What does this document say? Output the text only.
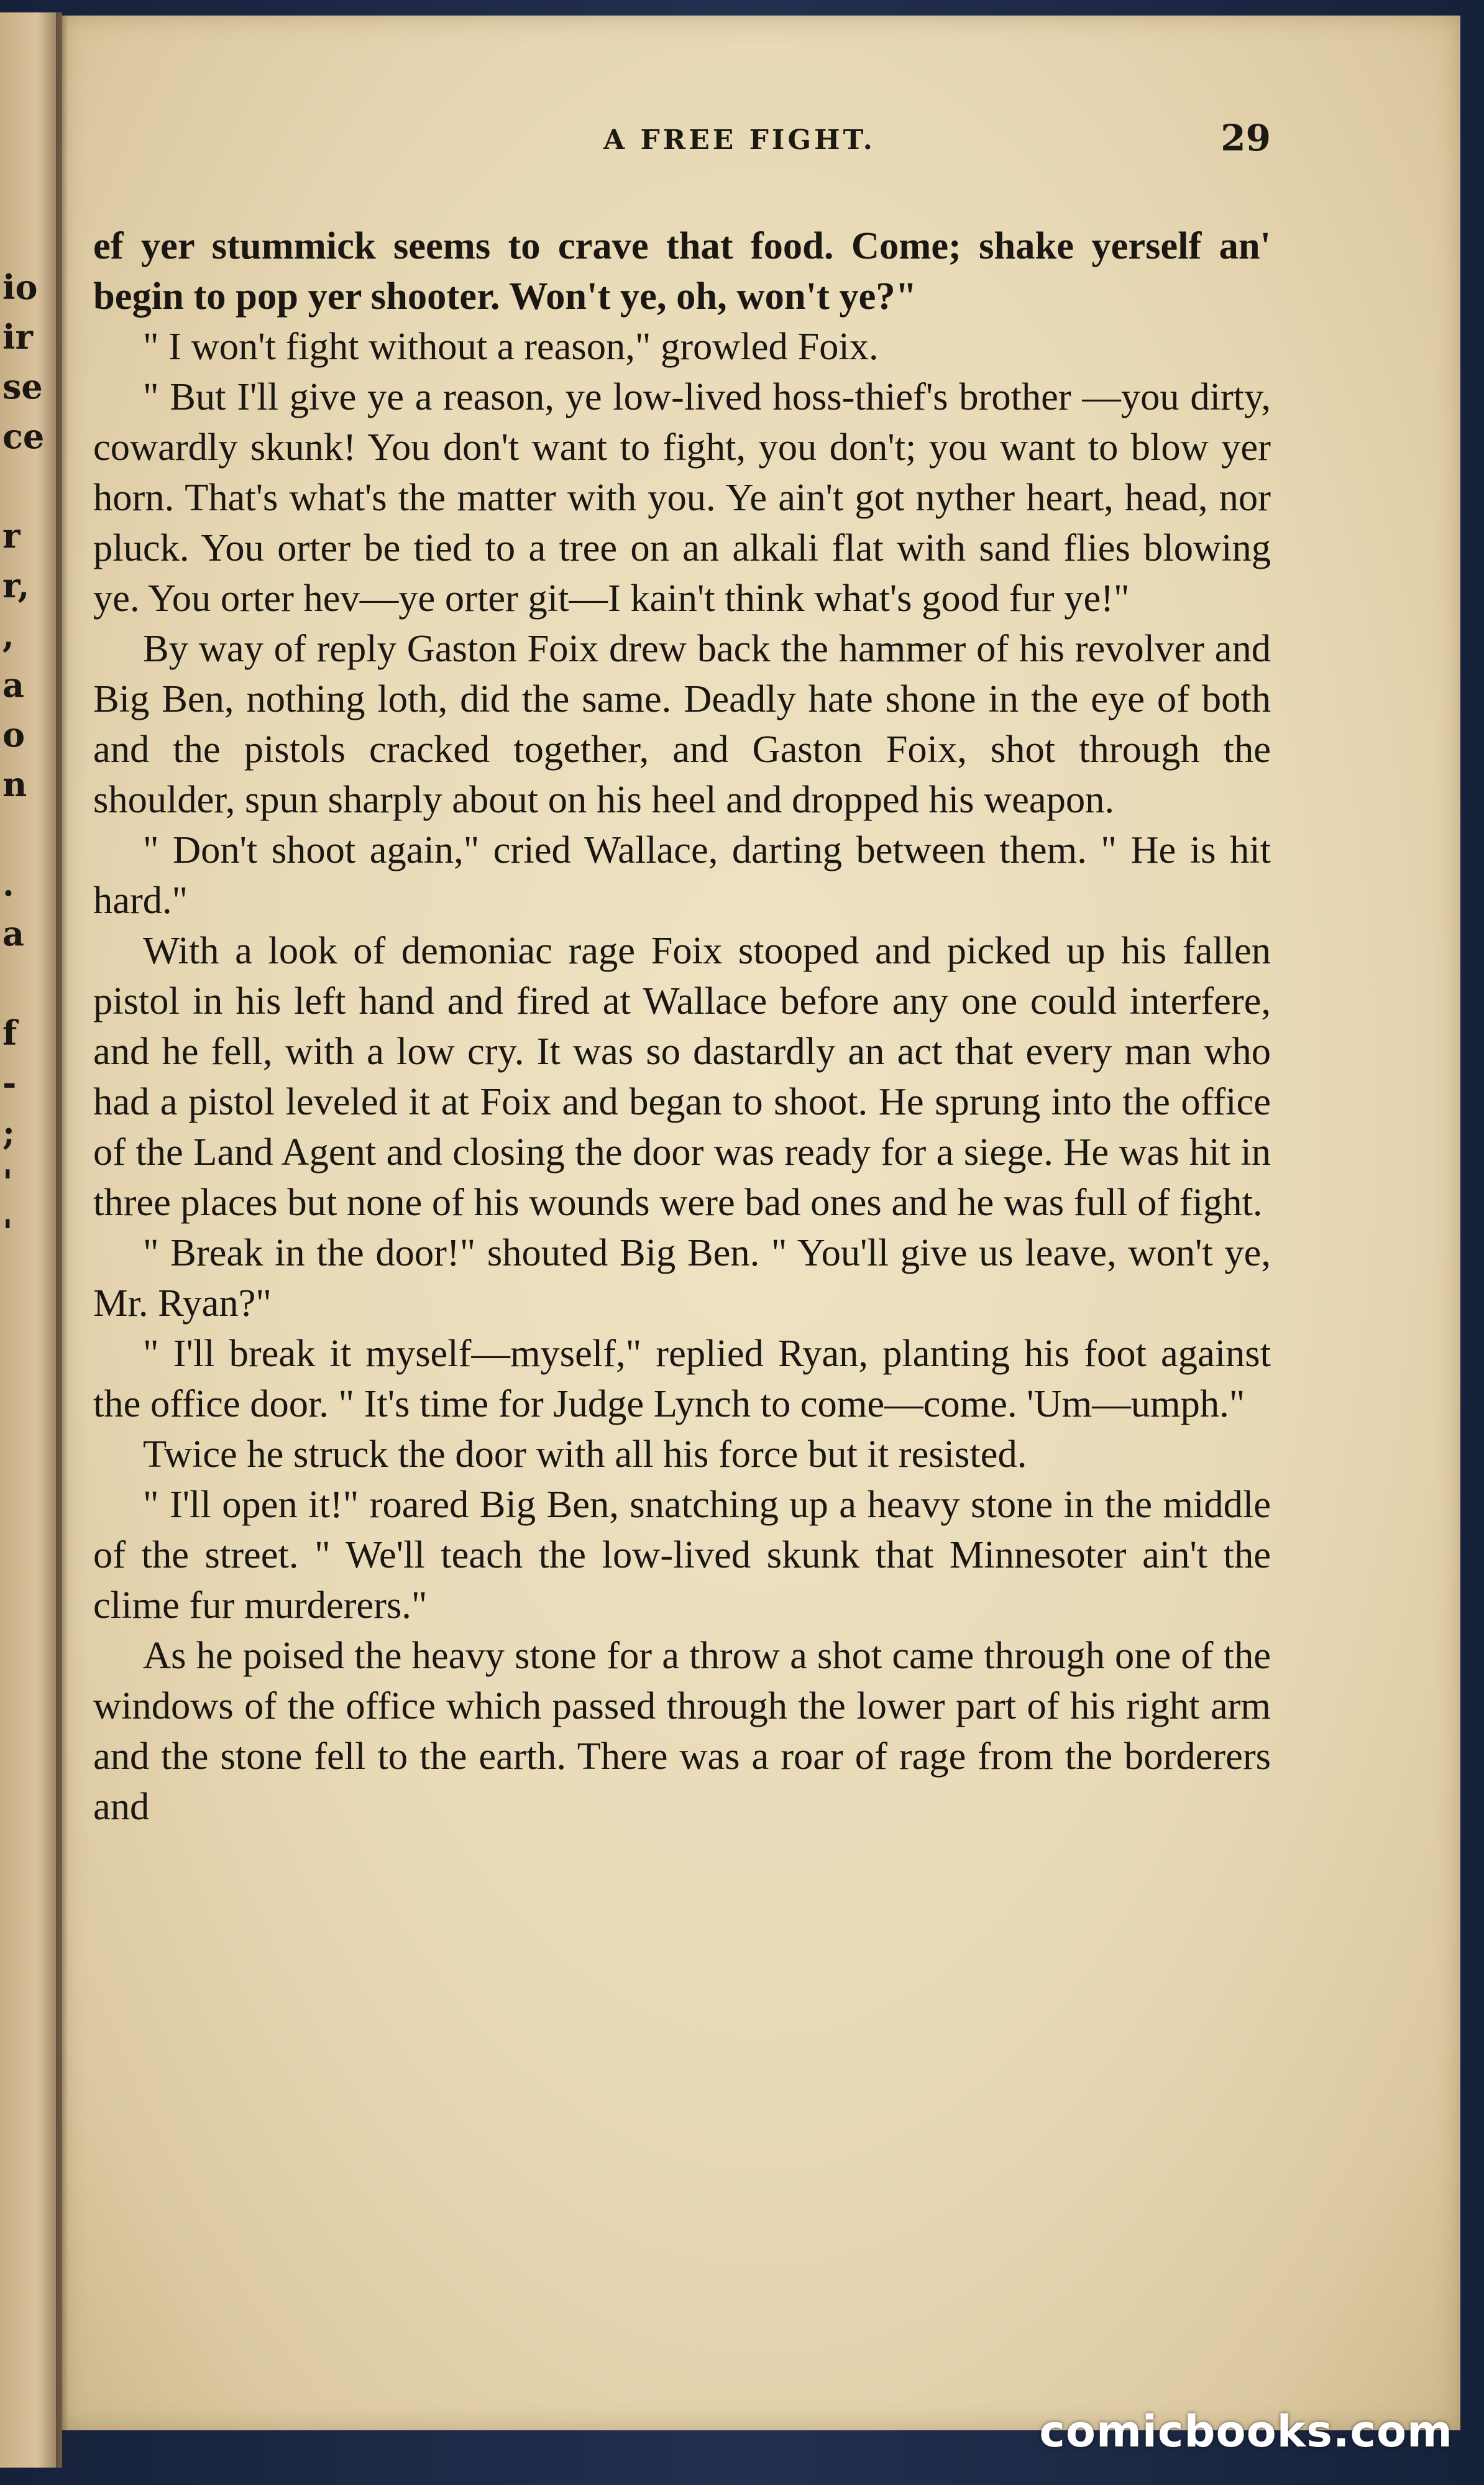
io
ir
se
ce
r
r,
,
a
o
n
.
a
f
-
;
'
'
A FREE FIGHT.	29

ef yer stummick seems to crave that food. Come; shake yerself an' begin to pop yer shooter. Won't ye, oh, won't ye?"

" I won't fight without a reason," growled Foix.

" But I'll give ye a reason, ye low-lived hoss-thief's brother —you dirty, cowardly skunk! You don't want to fight, you don't; you want to blow yer horn. That's what's the matter with you. Ye ain't got nyther heart, head, nor pluck. You orter be tied to a tree on an alkali flat with sand flies blowing ye. You orter hev—ye orter git—I kain't think what's good fur ye!"

By way of reply Gaston Foix drew back the hammer of his revolver and Big Ben, nothing loth, did the same. Deadly hate shone in the eye of both and the pistols cracked together, and Gaston Foix, shot through the shoulder, spun sharply about on his heel and dropped his weapon.

" Don't shoot again," cried Wallace, darting between them. " He is hit hard."

With a look of demoniac rage Foix stooped and picked up his fallen pistol in his left hand and fired at Wallace before any one could interfere, and he fell, with a low cry. It was so dastardly an act that every man who had a pistol leveled it at Foix and began to shoot. He sprung into the office of the Land Agent and closing the door was ready for a siege. He was hit in three places but none of his wounds were bad ones and he was full of fight.

" Break in the door!" shouted Big Ben. " You'll give us leave, won't ye, Mr. Ryan?"

" I'll break it myself—myself," replied Ryan, planting his foot against the office door. " It's time for Judge Lynch to come—come. 'Um—umph."

Twice he struck the door with all his force but it resisted.

" I'll open it!" roared Big Ben, snatching up a heavy stone in the middle of the street. " We'll teach the low-lived skunk that Minnesoter ain't the clime fur murderers."

As he poised the heavy stone for a throw a shot came through one of the windows of the office which passed through the lower part of his right arm and the stone fell to the earth. There was a roar of rage from the borderers and

comicbooks.com
